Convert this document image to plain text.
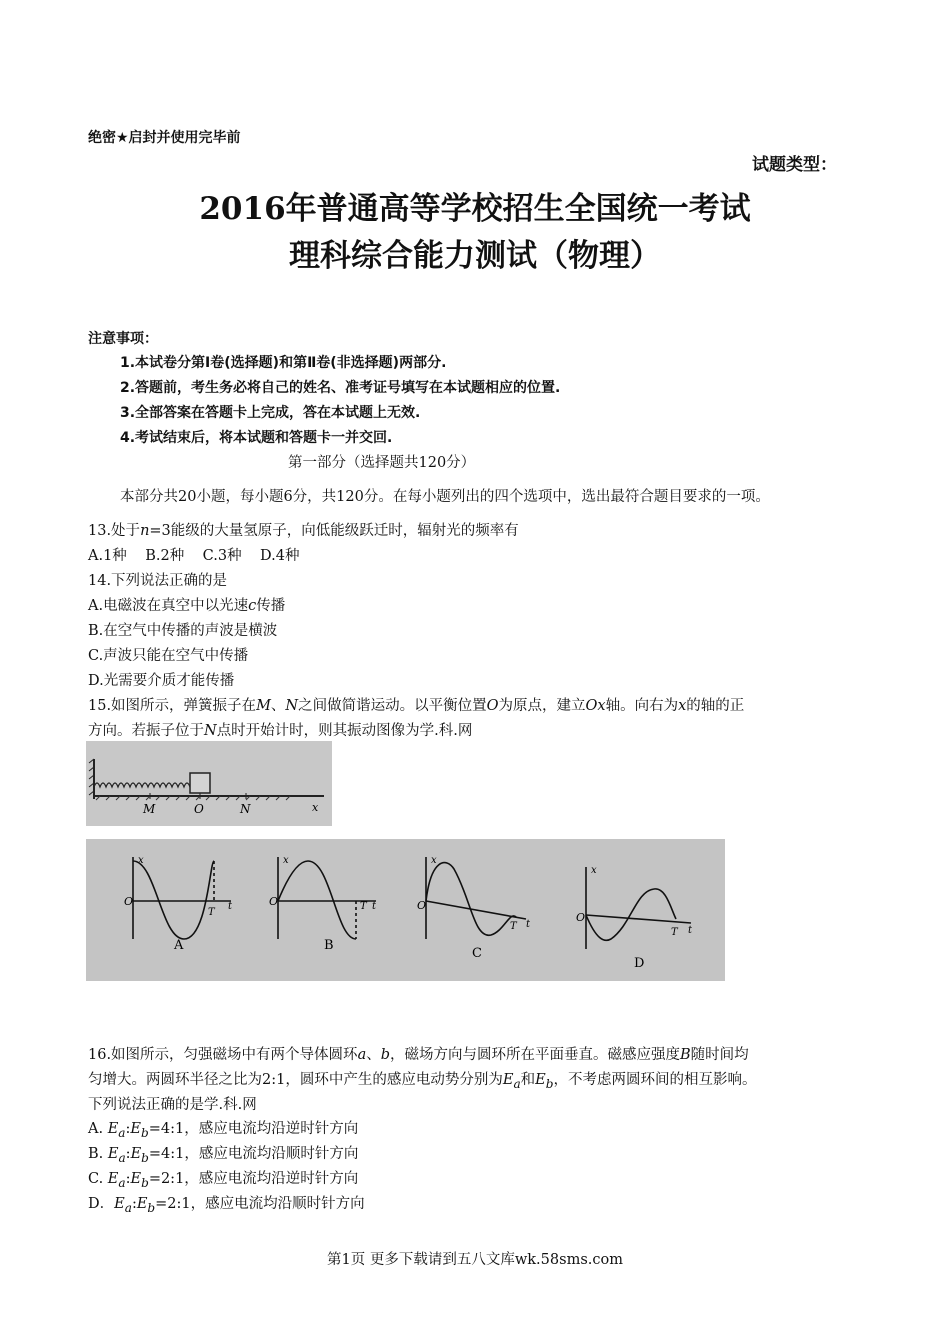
绝密★启封并使用完毕前
试题类型：
2016年普通高等学校招生全国统一考试
理科综合能力测试（物理）
注意事项：
1.本试卷分第Ⅰ卷(选择题)和第Ⅱ卷(非选择题)两部分.
2.答题前，考生务必将自己的姓名、准考证号填写在本试题相应的位置.
3.全部答案在答题卡上完成，答在本试题上无效.
4.考试结束后，将本试题和答题卡一并交回.
第一部分（选择题共120分）
本部分共20小题，每小题6分，共120分。在每小题列出的四个选项中，选出最符合题目要求的一项。
13.处于n=3能级的大量氢原子，向低能级跃迁时，辐射光的频率有
A.1种    B.2种    C.3种    D.4种
14.下列说法正确的是
A.电磁波在真空中以光速c传播
B.在空气中传播的声波是横波
C.声波只能在空气中传播
D.光需要介质才能传播
15.如图所示，弹簧振子在M、N之间做简谐运动。以平衡位置O为原点，建立Ox轴。向右为x的轴的正
方向。若振子位于N点时开始计时，则其振动图像为学.科.网
M	O	N	x
O
x
T
t
A
O
x
T t
B
O
x
T t
C
O
x
T t
D
16.如图所示，匀强磁场中有两个导体圆环a、b，磁场方向与圆环所在平面垂直。磁感应强度B随时间均
匀增大。两圆环半径之比为2:1，圆环中产生的感应电动势分别为$E_a$和$E_b$，不考虑两圆环间的相互影响。
下列说法正确的是学.科.网
A. $E_a:E_b=4:1$，感应电流均沿逆时针方向
B. $E_a:E_b=4:1$，感应电流均沿顺时针方向
C. $E_a:E_b=2:1$，感应电流均沿逆时针方向
D．$E_a:E_b=2:1$，感应电流均沿顺时针方向
第1页 更多下载请到五八文库wk.58sms.com
